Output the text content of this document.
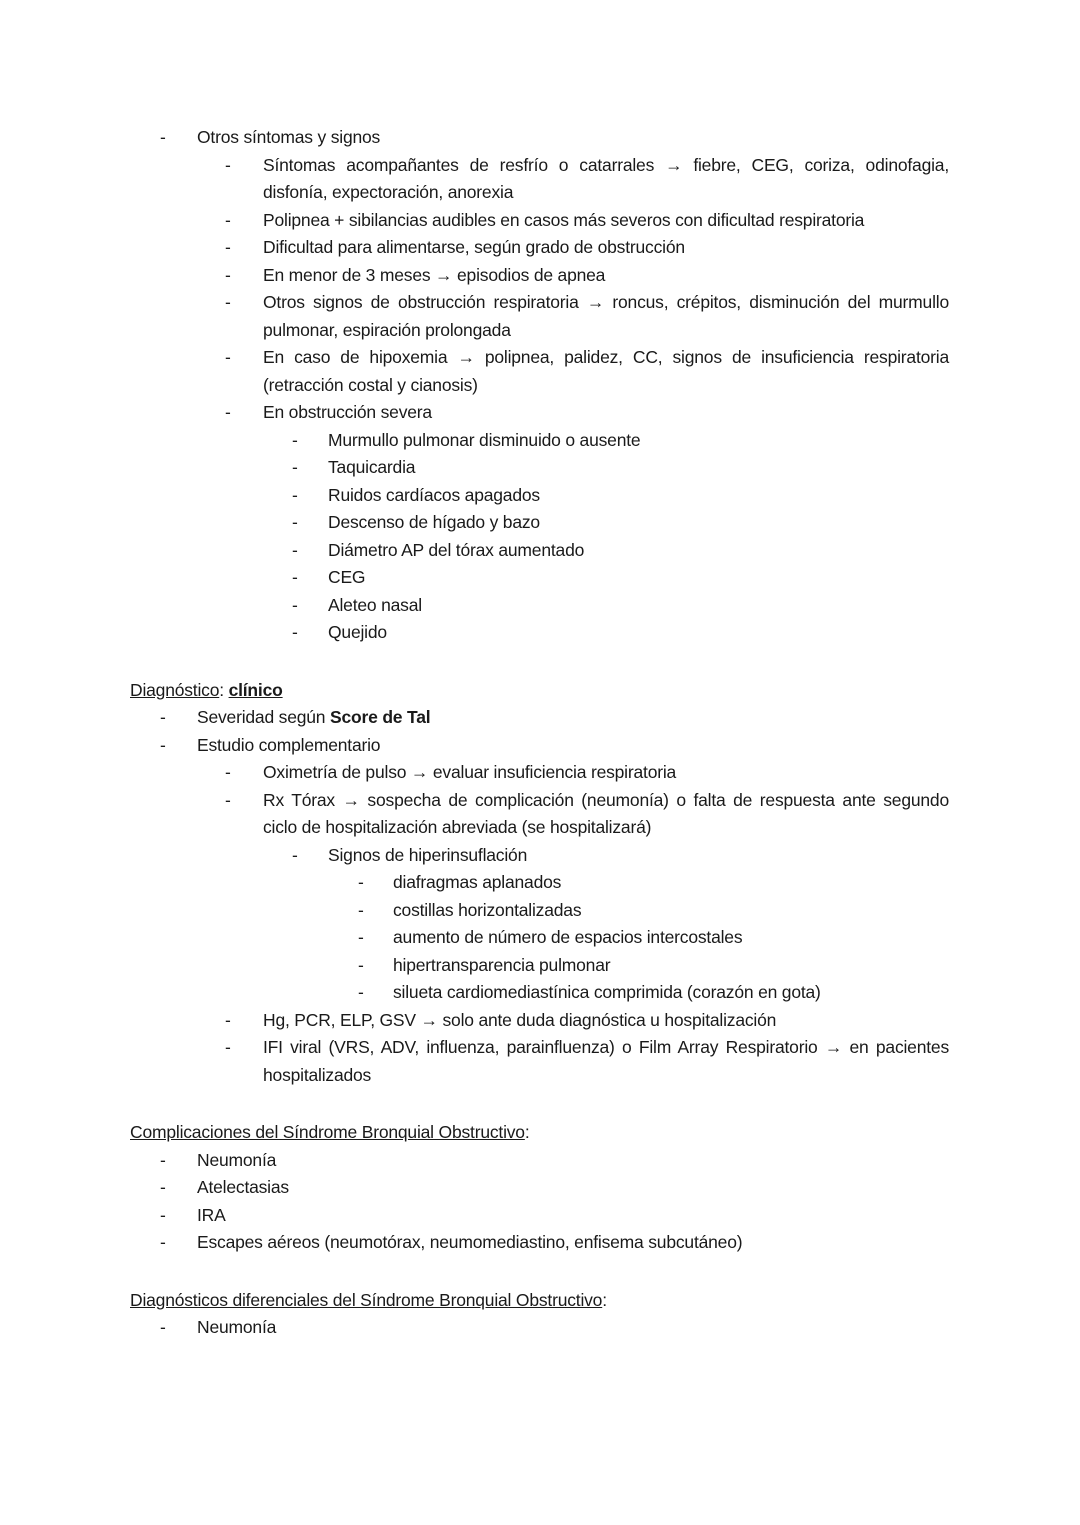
- Otros síntomas y signos
- Síntomas acompañantes de resfrío o catarrales → fiebre, CEG, coriza, odinofagia, disfonía, expectoración, anorexia
- Polipnea + sibilancias audibles en casos más severos con dificultad respiratoria
- Dificultad para alimentarse, según grado de obstrucción
- En menor de 3 meses → episodios de apnea
- Otros signos de obstrucción respiratoria → roncus, crépitos, disminución del murmullo pulmonar, espiración prolongada
- En caso de hipoxemia → polipnea, palidez, CC, signos de insuficiencia respiratoria (retracción costal y cianosis)
- En obstrucción severa
- Murmullo pulmonar disminuido o ausente
- Taquicardia
- Ruidos cardíacos apagados
- Descenso de hígado y bazo
- Diámetro AP del tórax aumentado
- CEG
- Aleteo nasal
- Quejido
Diagnóstico: clínico
- Severidad según Score de Tal
- Estudio complementario
- Oximetría de pulso → evaluar insuficiencia respiratoria
- Rx Tórax → sospecha de complicación (neumonía) o falta de respuesta ante segundo ciclo de hospitalización abreviada (se hospitalizará)
- Signos de hiperinsuflación
- diafragmas aplanados
- costillas horizontalizadas
- aumento de número de espacios intercostales
- hipertransparencia pulmonar
- silueta cardiomediastínica comprimida (corazón en gota)
- Hg, PCR, ELP, GSV → solo ante duda diagnóstica u hospitalización
- IFI viral (VRS, ADV, influenza, parainfluenza) o Film Array Respiratorio → en pacientes hospitalizados
Complicaciones del Síndrome Bronquial Obstructivo:
- Neumonía
- Atelectasias
- IRA
- Escapes aéreos (neumotórax, neumomediastino, enfisema subcutáneo)
Diagnósticos diferenciales del Síndrome Bronquial Obstructivo:
- Neumonía
